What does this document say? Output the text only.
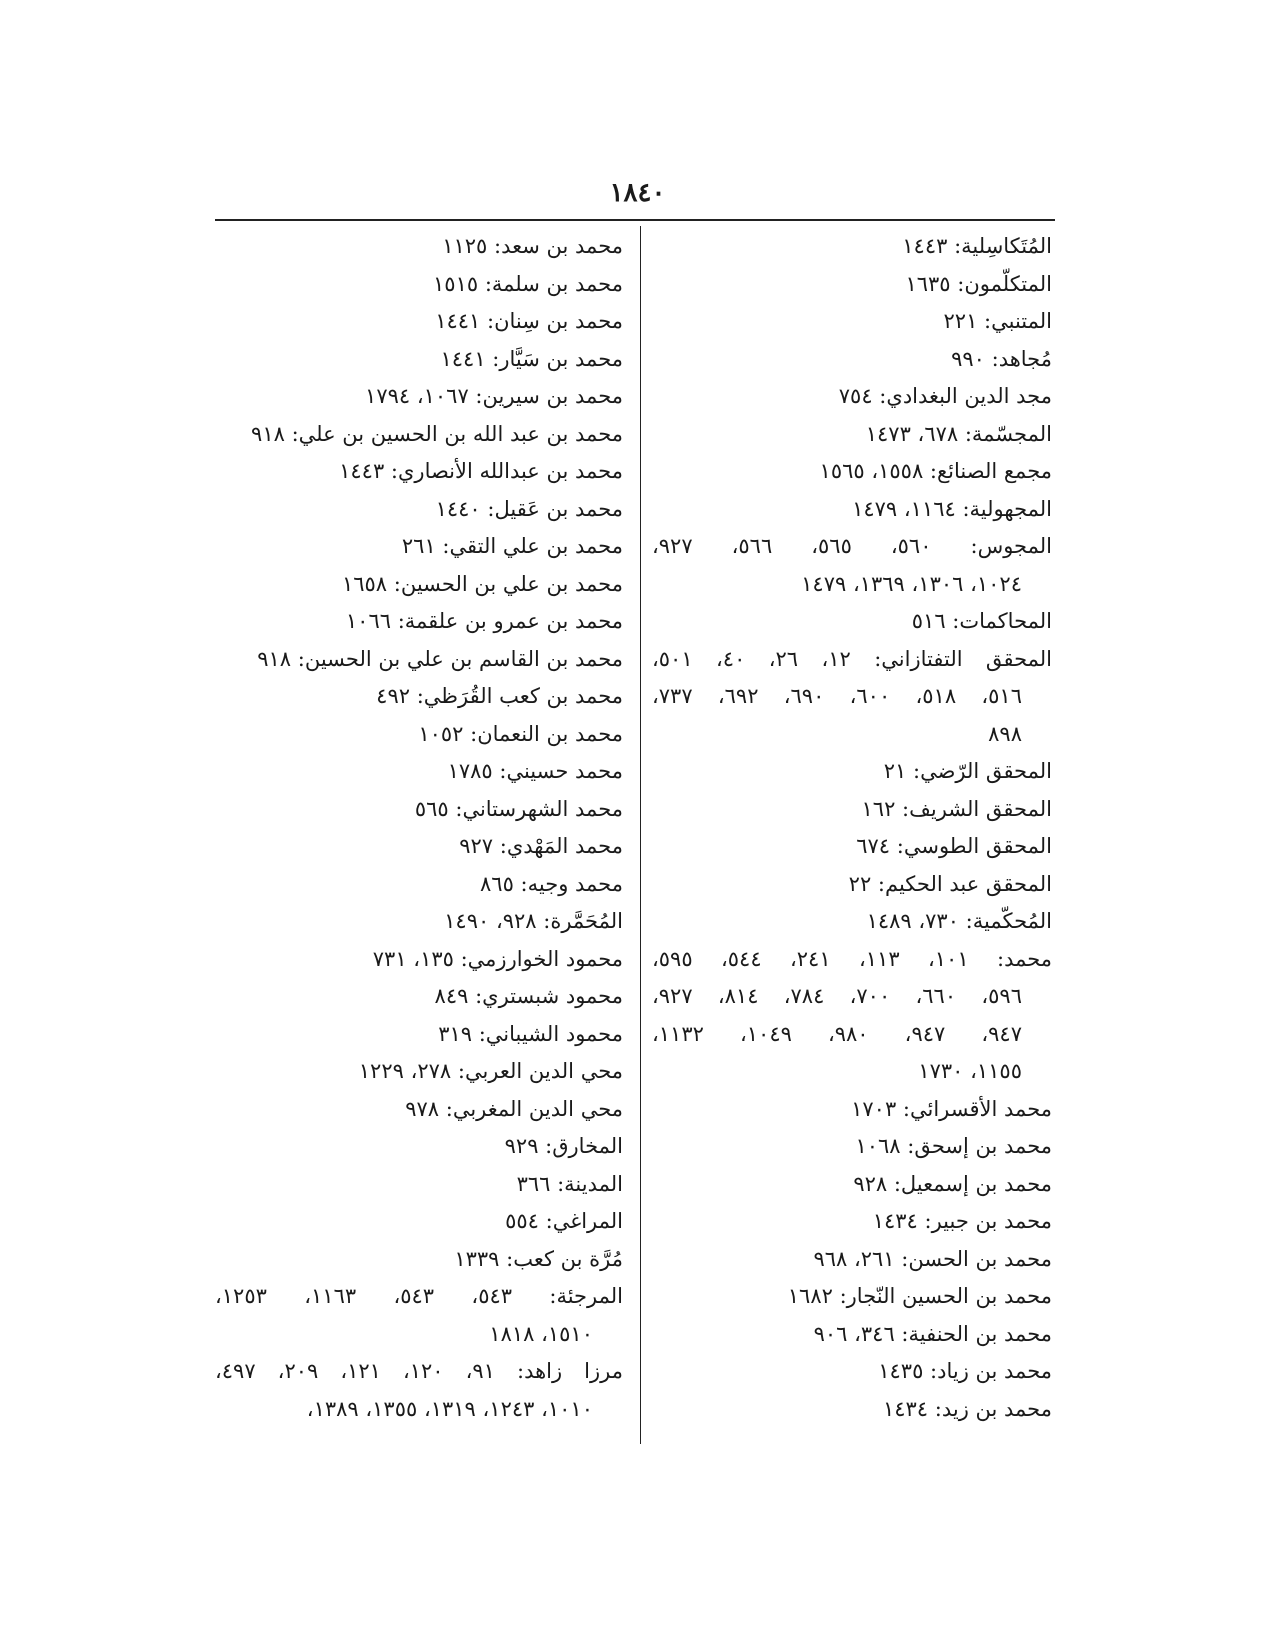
١٨٤٠
المُتَكاسِلية: ١٤٤٣
المتكلّمون: ١٦٣٥
المتنبي: ٢٢١
مُجاهد: ٩٩٠
مجد الدين البغدادي: ٧٥٤
المجسّمة: ٦٧٨، ١٤٧٣
مجمع الصنائع: ١٥٥٨، ١٥٦٥
المجهولية: ١١٦٤، ١٤٧٩
المجوس: ٥٦٠، ٥٦٥، ٥٦٦، ٩٢٧،
١٠٢٤، ١٣٠٦، ١٣٦٩، ١٤٧٩
المحاكمات: ٥١٦
المحقق التفتازاني: ١٢، ٢٦، ٤٠، ٥٠١،
٥١٦، ٥١٨، ٦٠٠، ٦٩٠، ٦٩٢، ٧٣٧،
٨٩٨
المحقق الرّضي: ٢١
المحقق الشريف: ١٦٢
المحقق الطوسي: ٦٧٤
المحقق عبد الحكيم: ٢٢
المُحكّمية: ٧٣٠، ١٤٨٩
محمد: ١٠١، ١١٣، ٢٤١، ٥٤٤، ٥٩٥،
٥٩٦، ٦٦٠، ٧٠٠، ٧٨٤، ٨١٤، ٩٢٧،
٩٤٧، ٩٤٧، ٩٨٠، ١٠٤٩، ١١٣٢،
١١٥٥، ١٧٣٠
محمد الأقسرائي: ١٧٠٣
محمد بن إسحق: ١٠٦٨
محمد بن إسمعيل: ٩٢٨
محمد بن جبير: ١٤٣٤
محمد بن الحسن: ٢٦١، ٩٦٨
محمد بن الحسين النّجار: ١٦٨٢
محمد بن الحنفية: ٣٤٦، ٩٠٦
محمد بن زياد: ١٤٣٥
محمد بن زيد: ١٤٣٤
محمد بن سعد: ١١٢٥
محمد بن سلمة: ١٥١٥
محمد بن سِنان: ١٤٤١
محمد بن سَيَّار: ١٤٤١
محمد بن سيرين: ١٠٦٧، ١٧٩٤
محمد بن عبد الله بن الحسين بن علي: ٩١٨
محمد بن عبدالله الأنصاري: ١٤٤٣
محمد بن عَقيل: ١٤٤٠
محمد بن علي التقي: ٢٦١
محمد بن علي بن الحسين: ١٦٥٨
محمد بن عمرو بن علقمة: ١٠٦٦
محمد بن القاسم بن علي بن الحسين: ٩١٨
محمد بن كعب القُرَظي: ٤٩٢
محمد بن النعمان: ١٠٥٢
محمد حسيني: ١٧٨٥
محمد الشهرستاني: ٥٦٥
محمد المَهْدي: ٩٢٧
محمد وجيه: ٨٦٥
المُحَمَّرة: ٩٢٨، ١٤٩٠
محمود الخوارزمي: ١٣٥، ٧٣١
محمود شبستري: ٨٤٩
محمود الشيباني: ٣١٩
محي الدين العربي: ٢٧٨، ١٢٢٩
محي الدين المغربي: ٩٧٨
المخارق: ٩٢٩
المدينة: ٣٦٦
المراغي: ٥٥٤
مُرَّة بن كعب: ١٣٣٩
المرجئة: ٥٤٣، ٥٤٣، ١١٦٣، ١٢٥٣،
١٥١٠، ١٨١٨
مرزا زاهد: ٩١، ١٢٠، ١٢١، ٢٠٩، ٤٩٧،
١٠١٠، ١٢٤٣، ١٣١٩، ١٣٥٥، ١٣٨٩،
